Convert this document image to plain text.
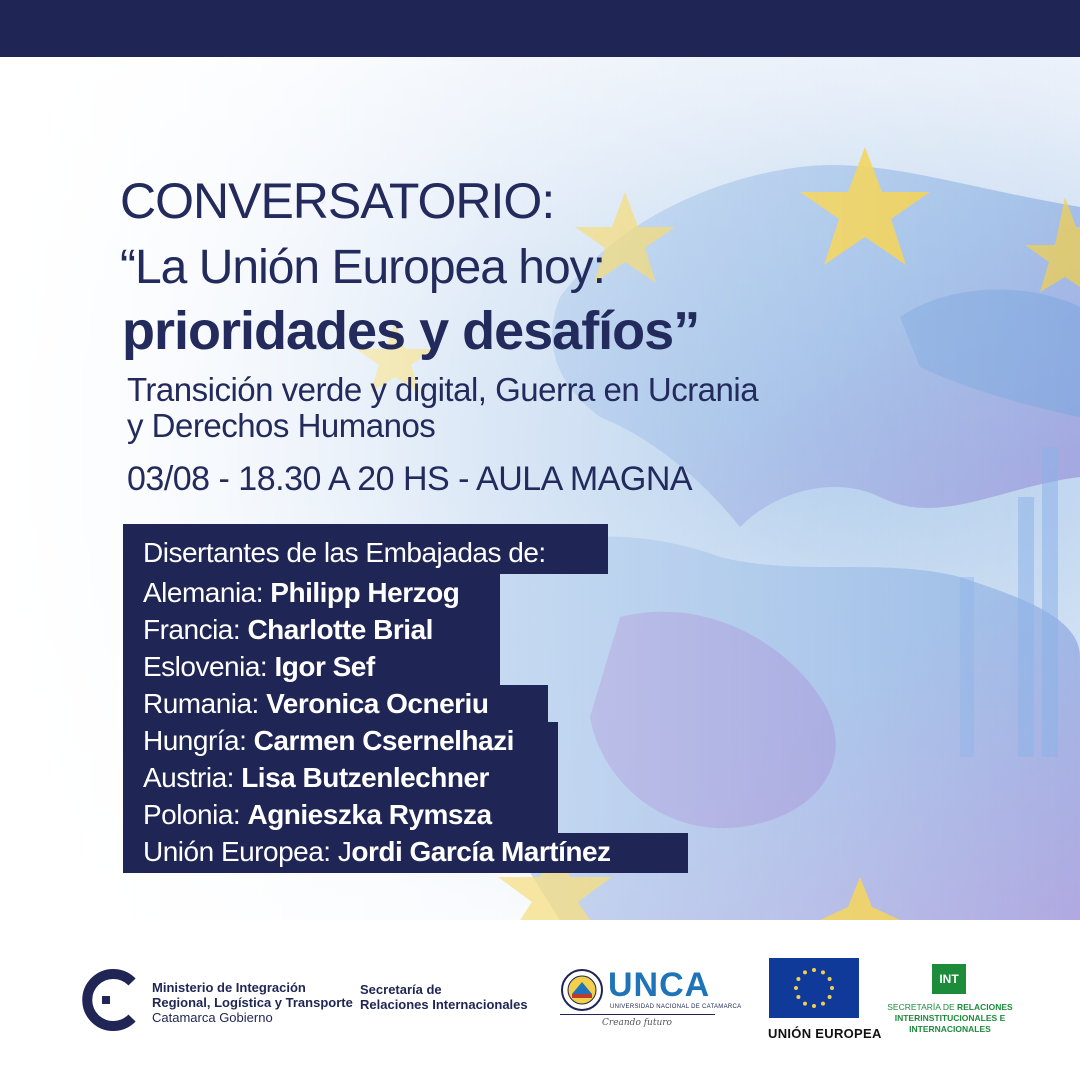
CONVERSATORIO:
“La Unión Europea hoy:
prioridades y desafíos”
Transición verde y digital, Guerra en Ucrania
y Derechos Humanos
03/08 - 18.30 A 20 HS - AULA MAGNA
Disertantes de las Embajadas de:
Alemania: Philipp Herzog
Francia: Charlotte Brial
Eslovenia: Igor Sef
Rumania: Veronica Ocneriu
Hungría: Carmen Csernelhazi
Austria: Lisa Butzenlechner
Polonia: Agnieszka Rymsza
Unión Europea: Jordi García Martínez
Ministerio de Integración
Regional, Logística y Transporte
Catamarca Gobierno
Secretaría de
Relaciones Internacionales
UNCA
UNIVERSIDAD NACIONAL DE CATAMARCA
Creando futuro
UNIÓN EUROPEA
INT
SECRETARÍA DE RELACIONES
INTERINSTITUCIONALES E
INTERNACIONALES
